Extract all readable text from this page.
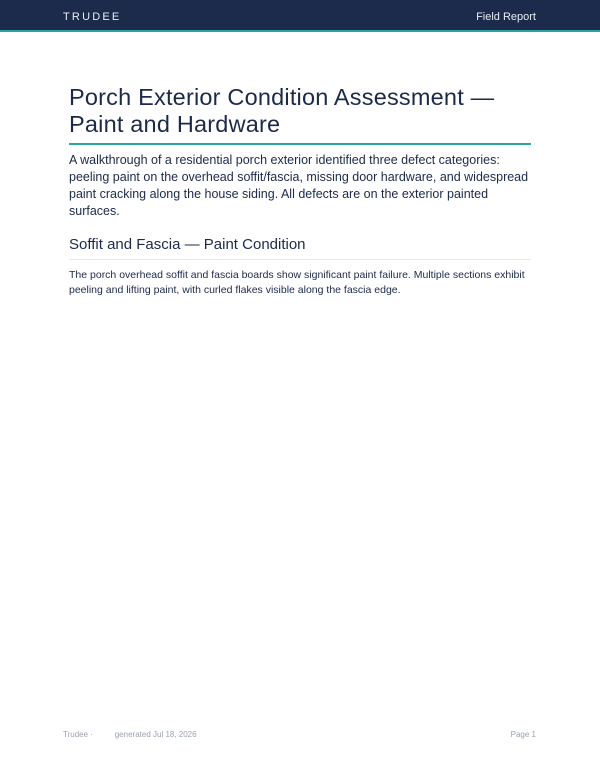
TRUDEE	Field Report
Porch Exterior Condition Assessment — Paint and Hardware

A walkthrough of a residential porch exterior identified three defect categories: peeling paint on the overhead soffit/fascia, missing door hardware, and widespread paint cracking along the house siding. All defects are on the exterior painted surfaces.

Soffit and Fascia — Paint Condition

The porch overhead soffit and fascia boards show significant paint failure. Multiple sections exhibit peeling and lifting paint, with curled flakes visible along the fascia edge.

Trudee ·	generated Jul 18, 2026	Page 1
